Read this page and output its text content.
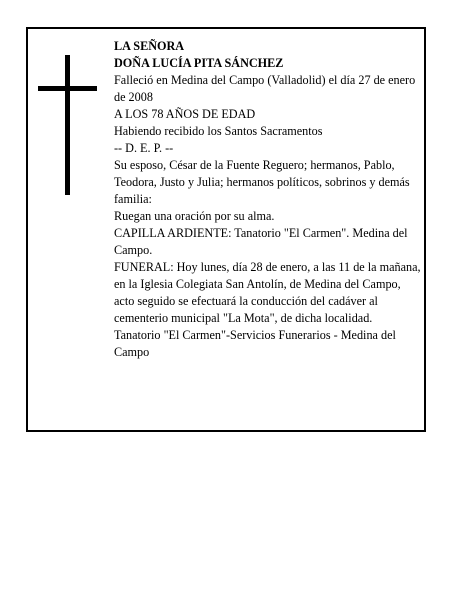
LA SEÑORA

DOÑA LUCÍA PITA SÁNCHEZ

Falleció en Medina del Campo (Valladolid) el día 27 de enero de 2008

A LOS 78 AÑOS DE EDAD

Habiendo recibido los Santos Sacramentos

-- D. E. P. --

Su esposo, César de la Fuente Reguero; hermanos, Pablo, Teodora, Justo y Julia; hermanos políticos, sobrinos y demás familia:

Ruegan una oración por su alma.

CAPILLA ARDIENTE: Tanatorio "El Carmen". Medina del Campo.

FUNERAL: Hoy lunes, día 28 de enero, a las 11 de la mañana, en la Iglesia Colegiata San Antolín, de Medina del Campo, acto seguido se efectuará la conducción del cadáver al cementerio municipal "La Mota", de dicha localidad.

Tanatorio "El Carmen"-Servicios Funerarios - Medina del Campo
